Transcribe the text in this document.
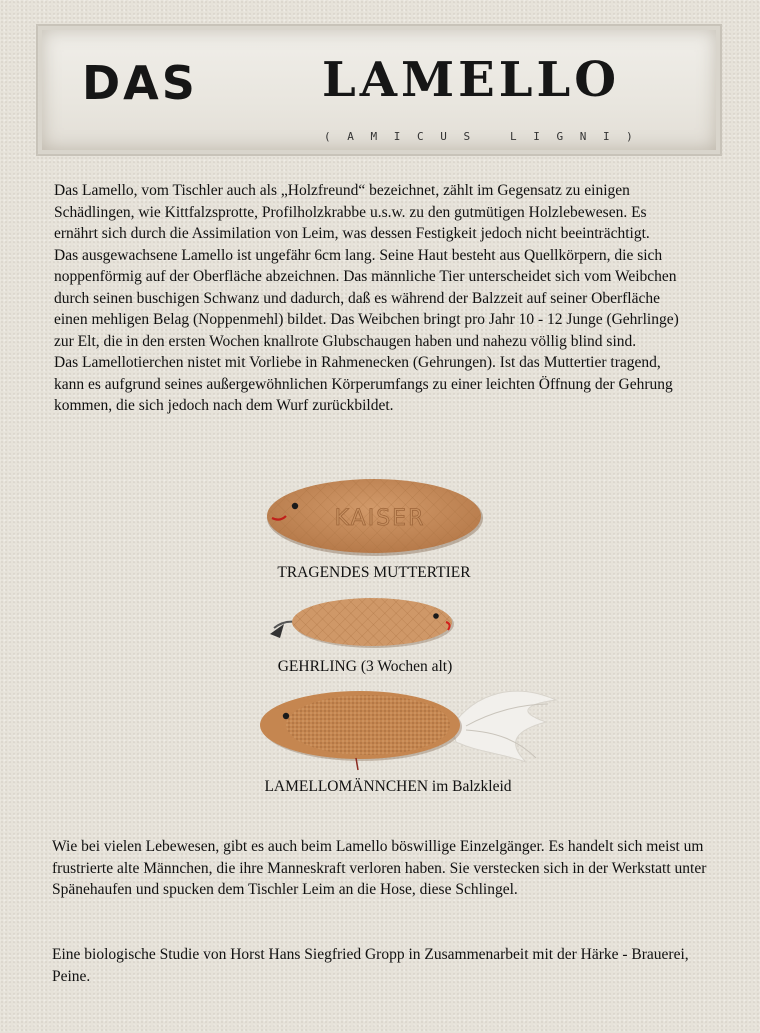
DAS	LAMELLO
( A M I C U S   L I G N I )

Das Lamello, vom Tischler auch als „Holzfreund“ bezeichnet, zählt im Gegensatz zu einigen Schädlingen, wie Kittfalzsprotte, Profilholzkrabbe u.s.w. zu den gutmütigen Holzlebewesen. Es ernährt sich durch die Assimilation von Leim, was dessen Festigkeit jedoch nicht beeinträchtigt.

Das ausgewachsene Lamello ist ungefähr 6cm lang. Seine Haut besteht aus Quellkörpern, die sich noppenförmig auf der Oberfläche abzeichnen. Das männliche Tier unterscheidet sich vom Weibchen durch seinen buschigen Schwanz und dadurch, daß es während der Balzzeit auf seiner Oberfläche einen mehligen Belag (Noppenmehl) bildet. Das Weibchen bringt pro Jahr 10 - 12 Junge (Gehrlinge) zur Elt, die in den ersten Wochen knallrote Glubschaugen haben und nahezu völlig blind sind.

Das Lamellotierchen nistet mit Vorliebe in Rahmenecken (Gehrungen). Ist das Muttertier tragend, kann es aufgrund seines außergewöhnlichen Körperumfangs zu einer leichten Öffnung der Gehrung kommen, die sich jedoch nach dem Wurf zurückbildet.

KAISER
TRAGENDES MUTTERTIER
GEHRLING (3 Wochen alt)
LAMELLOMÄNNCHEN im Balzkleid

Wie bei vielen Lebewesen, gibt es auch beim Lamello böswillige Einzelgänger. Es handelt sich meist um frustrierte alte Männchen, die ihre Manneskraft verloren haben. Sie verstecken sich in der Werkstatt unter Spänehaufen und spucken dem Tischler Leim an die Hose, diese Schlingel.

Eine biologische Studie von Horst Hans Siegfried Gropp in Zusammenarbeit mit der Härke - Brauerei, Peine.
